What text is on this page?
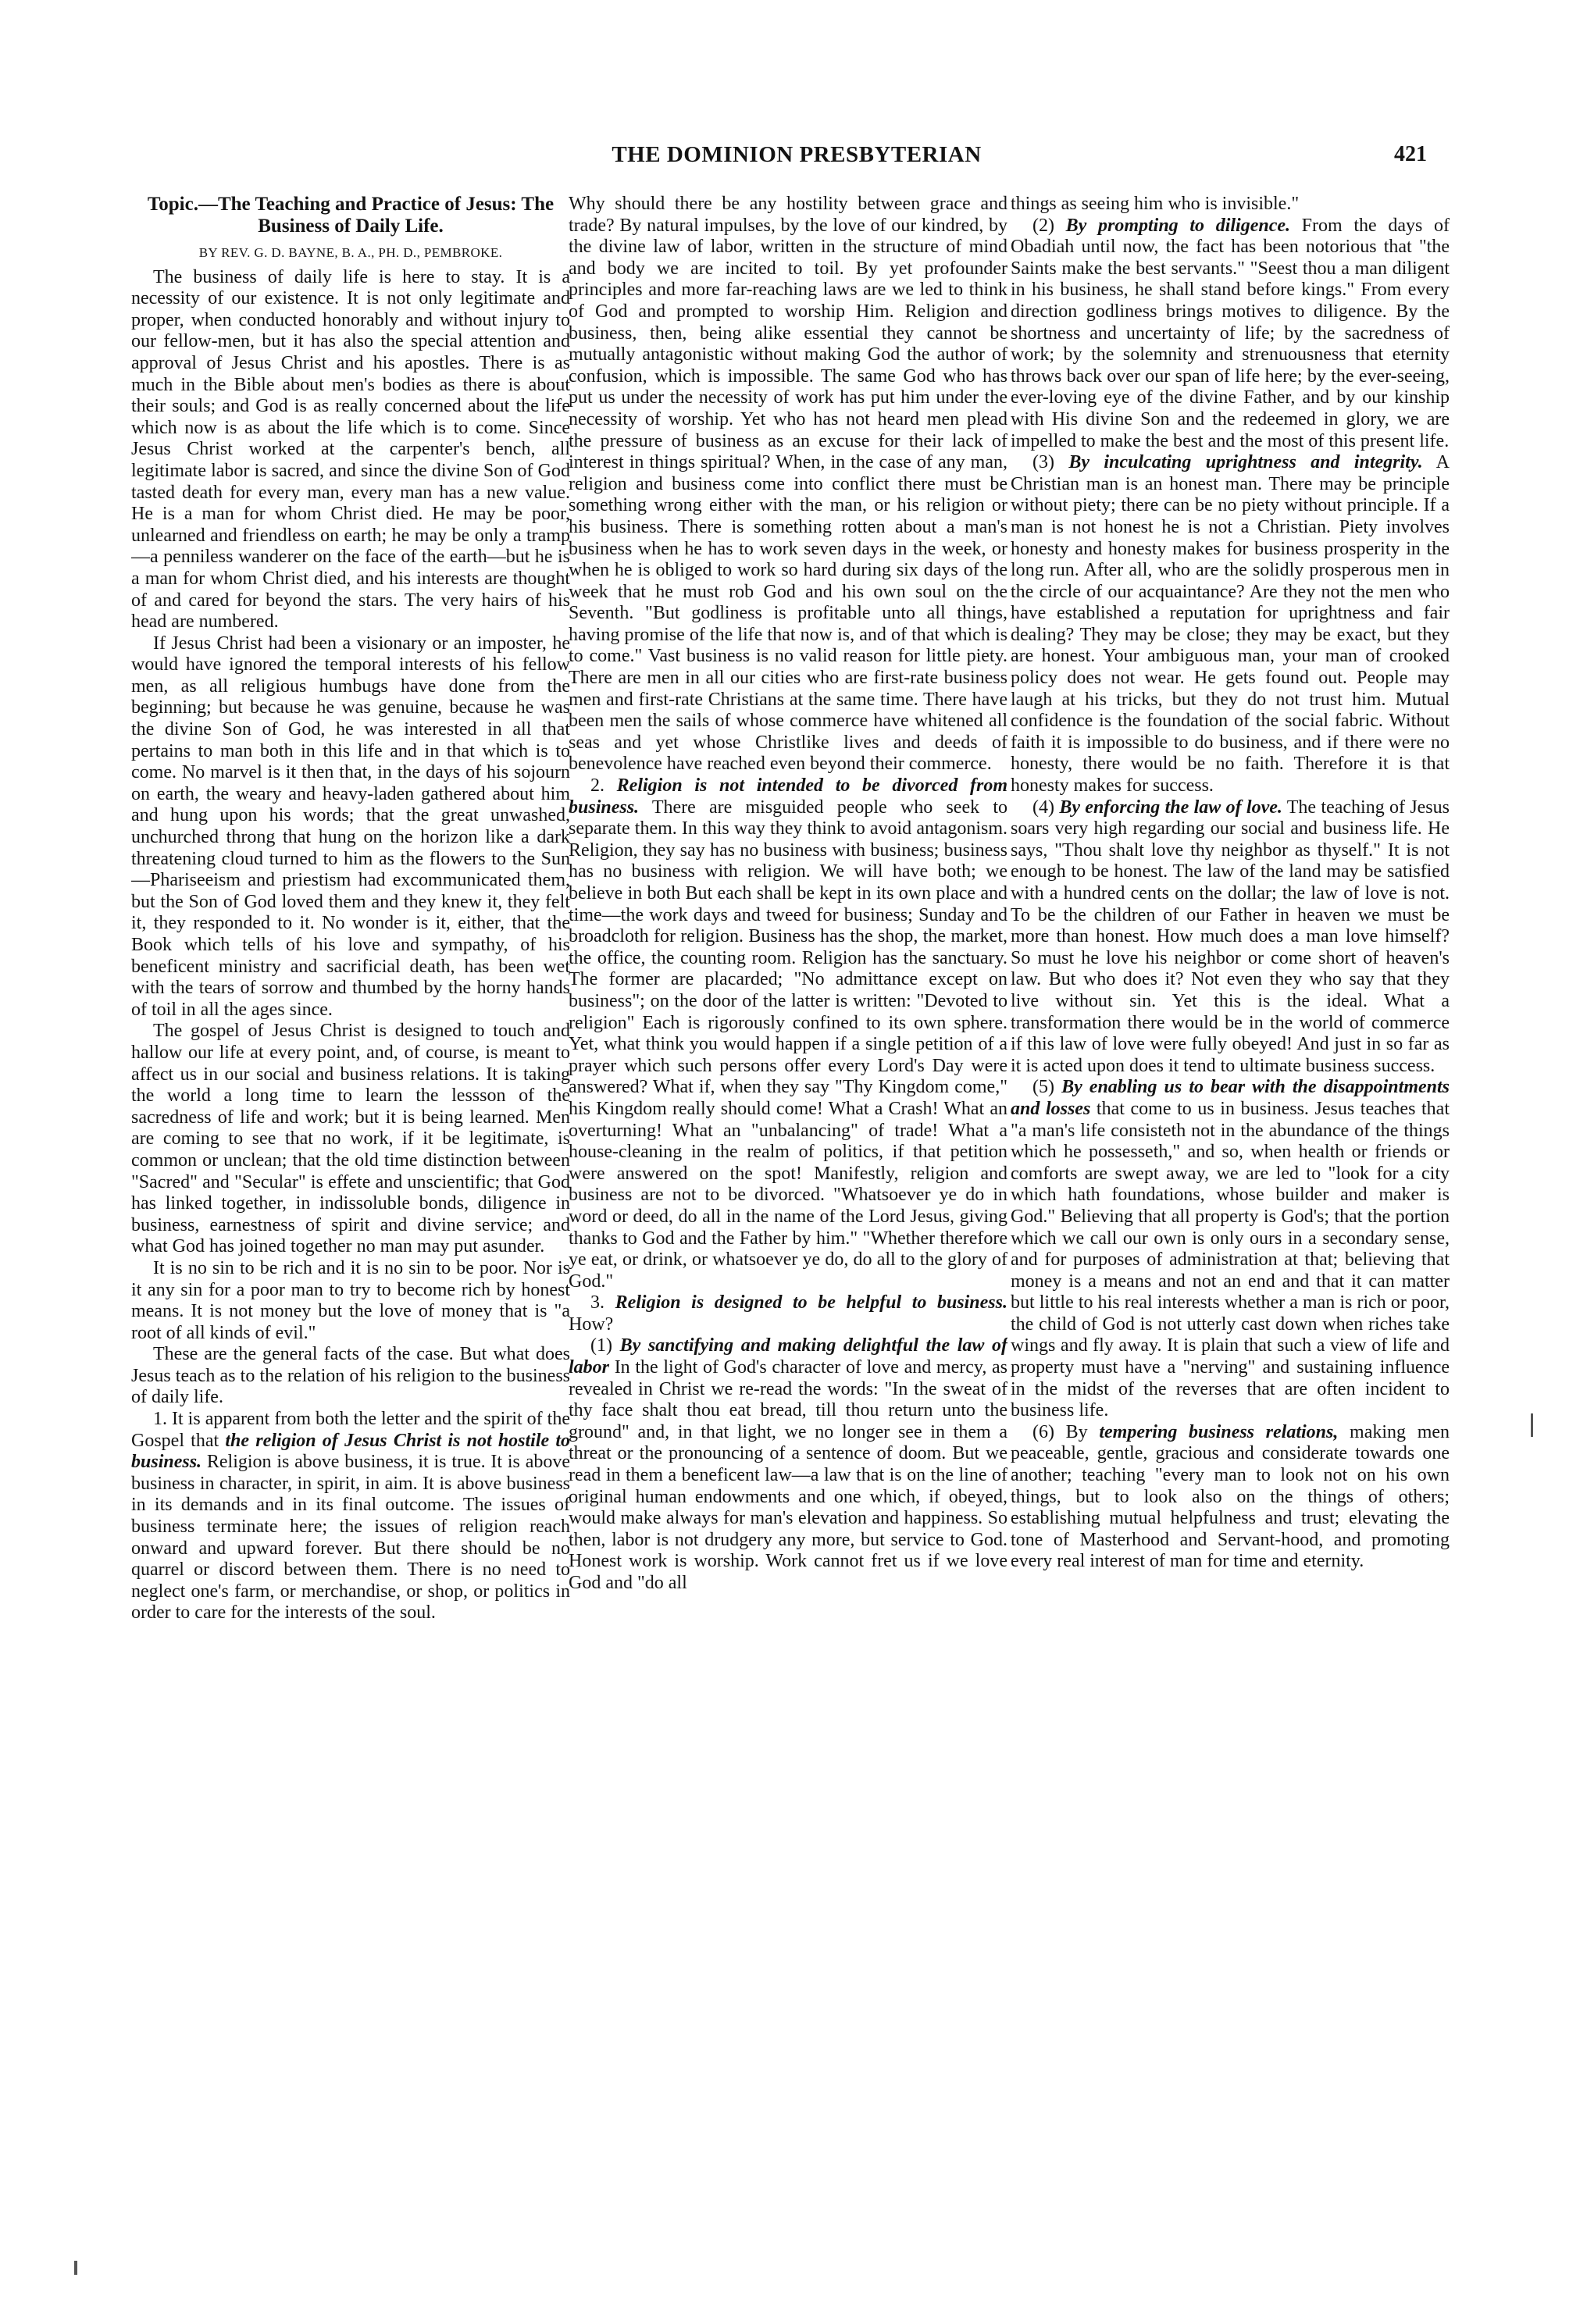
THE DOMINION PRESBYTERIAN	421
Topic.—The Teaching and Practice of Jesus: The Business of Daily Life.
BY REV. G. D. BAYNE, B. A., PH. D., PEMBROKE.

The business of daily life is here to stay. It is a necessity of our existence. It is not only legitimate and proper, when conducted honorably and without injury to our fellow-men, but it has also the special attention and approval of Jesus Christ and his apostles. There is as much in the Bible about men's bodies as there is about their souls; and God is as really concerned about the life which now is as about the life which is to come. Since Jesus Christ worked at the carpenter's bench, all legitimate labor is sacred, and since the divine Son of God tasted death for every man, every man has a new value. He is a man for whom Christ died. He may be poor, unlearned and friendless on earth; he may be only a tramp—a penniless wanderer on the face of the earth—but he is a man for whom Christ died, and his interests are thought of and cared for beyond the stars. The very hairs of his head are numbered.

If Jesus Christ had been a visionary or an imposter, he would have ignored the temporal interests of his fellow men, as all religious humbugs have done from the beginning; but because he was genuine, because he was the divine Son of God, he was interested in all that pertains to man both in this life and in that which is to come. No marvel is it then that, in the days of his sojourn on earth, the weary and heavy-laden gathered about him and hung upon his words; that the great unwashed, unchurched throng that hung on the horizon like a dark threatening cloud turned to him as the flowers to the Sun—Phariseeism and priestism had excommunicated them, but the Son of God loved them and they knew it, they felt it, they responded to it. No wonder is it, either, that the Book which tells of his love and sympathy, of his beneficent ministry and sacrificial death, has been wet with the tears of sorrow and thumbed by the horny hands of toil in all the ages since.

The gospel of Jesus Christ is designed to touch and hallow our life at every point, and, of course, is meant to affect us in our social and business relations. It is taking the world a long time to learn the lessson of the sacredness of life and work; but it is being learned. Men are coming to see that no work, if it be legitimate, is common or unclean; that the old time distinction between "Sacred" and "Secular" is effete and unscientific; that God has linked together, in indissoluble bonds, diligence in business, earnestness of spirit and divine service; and what God has joined together no man may put asunder.

It is no sin to be rich and it is no sin to be poor. Nor is it any sin for a poor man to try to become rich by honest means. It is not money but the love of money that is "a root of all kinds of evil."

These are the general facts of the case. But what does Jesus teach as to the relation of his religion to the business of daily life.

1. It is apparent from both the letter and the spirit of the Gospel that the religion of Jesus Christ is not hostile to business. Religion is above business, it is true. It is above business in character, in spirit, in aim. It is above business in its demands and in its final outcome. The issues of business terminate here; the issues of religion reach onward and upward forever. But there should be no quarrel or discord between them. There is no need to neglect one's farm, or merchandise, or shop, or politics in order to care for the interests of the soul.

Why should there be any hostility between grace and trade? By natural impulses, by the love of our kindred, by the divine law of labor, written in the structure of mind and body we are incited to toil. By yet profounder principles and more far-reaching laws are we led to think of God and prompted to worship Him. Religion and business, then, being alike essential they cannot be mutually antagonistic without making God the author of confusion, which is impossible. The same God who has put us under the necessity of work has put him under the necessity of worship. Yet who has not heard men plead the pressure of business as an excuse for their lack of interest in things spiritual? When, in the case of any man, religion and business come into conflict there must be something wrong either with the man, or his religion or his business. There is something rotten about a man's business when he has to work seven days in the week, or when he is obliged to work so hard during six days of the week that he must rob God and his own soul on the Seventh. "But godliness is profitable unto all things, having promise of the life that now is, and of that which is to come." Vast business is no valid reason for little piety. There are men in all our cities who are first-rate business men and first-rate Christians at the same time. There have been men the sails of whose commerce have whitened all seas and yet whose Christlike lives and deeds of benevolence have reached even beyond their commerce.

2. Religion is not intended to be divorced from business. There are misguided people who seek to separate them. In this way they think to avoid antagonism. Religion, they say has no business with business; business has no business with religion. We will have both; we believe in both But each shall be kept in its own place and time—the work days and tweed for business; Sunday and broadcloth for religion. Business has the shop, the market, the office, the counting room. Religion has the sanctuary. The former are placarded; "No admittance except on business"; on the door of the latter is written: "Devoted to religion" Each is rigorously confined to its own sphere. Yet, what think you would happen if a single petition of a prayer which such persons offer every Lord's Day were answered? What if, when they say "Thy Kingdom come," his Kingdom really should come! What a Crash! What an overturning! What an "unbalancing" of trade! What a house-cleaning in the realm of politics, if that petition were answered on the spot! Manifestly, religion and business are not to be divorced. "Whatsoever ye do in word or deed, do all in the name of the Lord Jesus, giving thanks to God and the Father by him." "Whether therefore ye eat, or drink, or whatsoever ye do, do all to the glory of God."

3. Religion is designed to be helpful to business. How?

(1) By sanctifying and making delightful the law of labor In the light of God's character of love and mercy, as revealed in Christ we re-read the words: "In the sweat of thy face shalt thou eat bread, till thou return unto the ground" and, in that light, we no longer see in them a threat or the pronouncing of a sentence of doom. But we read in them a beneficent law—a law that is on the line of original human endowments and one which, if obeyed, would make always for man's elevation and happiness. So then, labor is not drudgery any more, but service to God. Honest work is worship. Work cannot fret us if we love God and "do all

things as seeing him who is invisible."

(2) By prompting to diligence. From the days of Obadiah until now, the fact has been notorious that "the Saints make the best servants." "Seest thou a man diligent in his business, he shall stand before kings." From every direction godliness brings motives to diligence. By the shortness and uncertainty of life; by the sacredness of work; by the solemnity and strenuousness that eternity throws back over our span of life here; by the ever-seeing, ever-loving eye of the divine Father, and by our kinship with His divine Son and the redeemed in glory, we are impelled to make the best and the most of this present life.

(3) By inculcating uprightness and integrity. A Christian man is an honest man. There may be principle without piety; there can be no piety without principle. If a man is not honest he is not a Christian. Piety involves honesty and honesty makes for business prosperity in the long run. After all, who are the solidly prosperous men in the circle of our acquaintance? Are they not the men who have established a reputation for uprightness and fair dealing? They may be close; they may be exact, but they are honest. Your ambiguous man, your man of crooked policy does not wear. He gets found out. People may laugh at his tricks, but they do not trust him. Mutual confidence is the foundation of the social fabric. Without faith it is impossible to do business, and if there were no honesty, there would be no faith. Therefore it is that honesty makes for success.

(4) By enforcing the law of love. The teaching of Jesus soars very high regarding our social and business life. He says, "Thou shalt love thy neighbor as thyself." It is not enough to be honest. The law of the land may be satisfied with a hundred cents on the dollar; the law of love is not. To be the children of our Father in heaven we must be more than honest. How much does a man love himself? So must he love his neighbor or come short of heaven's law. But who does it? Not even they who say that they live without sin. Yet this is the ideal. What a transformation there would be in the world of commerce if this law of love were fully obeyed! And just in so far as it is acted upon does it tend to ultimate business success.

(5) By enabling us to bear with the disappointments and losses that come to us in business. Jesus teaches that "a man's life consisteth not in the abundance of the things which he possesseth," and so, when health or friends or comforts are swept away, we are led to "look for a city which hath foundations, whose builder and maker is God." Believing that all property is God's; that the portion which we call our own is only ours in a secondary sense, and for purposes of administration at that; believing that money is a means and not an end and that it can matter but little to his real interests whether a man is rich or poor, the child of God is not utterly cast down when riches take wings and fly away. It is plain that such a view of life and property must have a "nerving" and sustaining influence in the midst of the reverses that are often incident to business life.

(6) By tempering business relations, making men peaceable, gentle, gracious and considerate towards one another; teaching "every man to look not on his own things, but to look also on the things of others; establishing mutual helpfulness and trust; elevating the tone of Masterhood and Servant-hood, and promoting every real interest of man for time and eternity.
